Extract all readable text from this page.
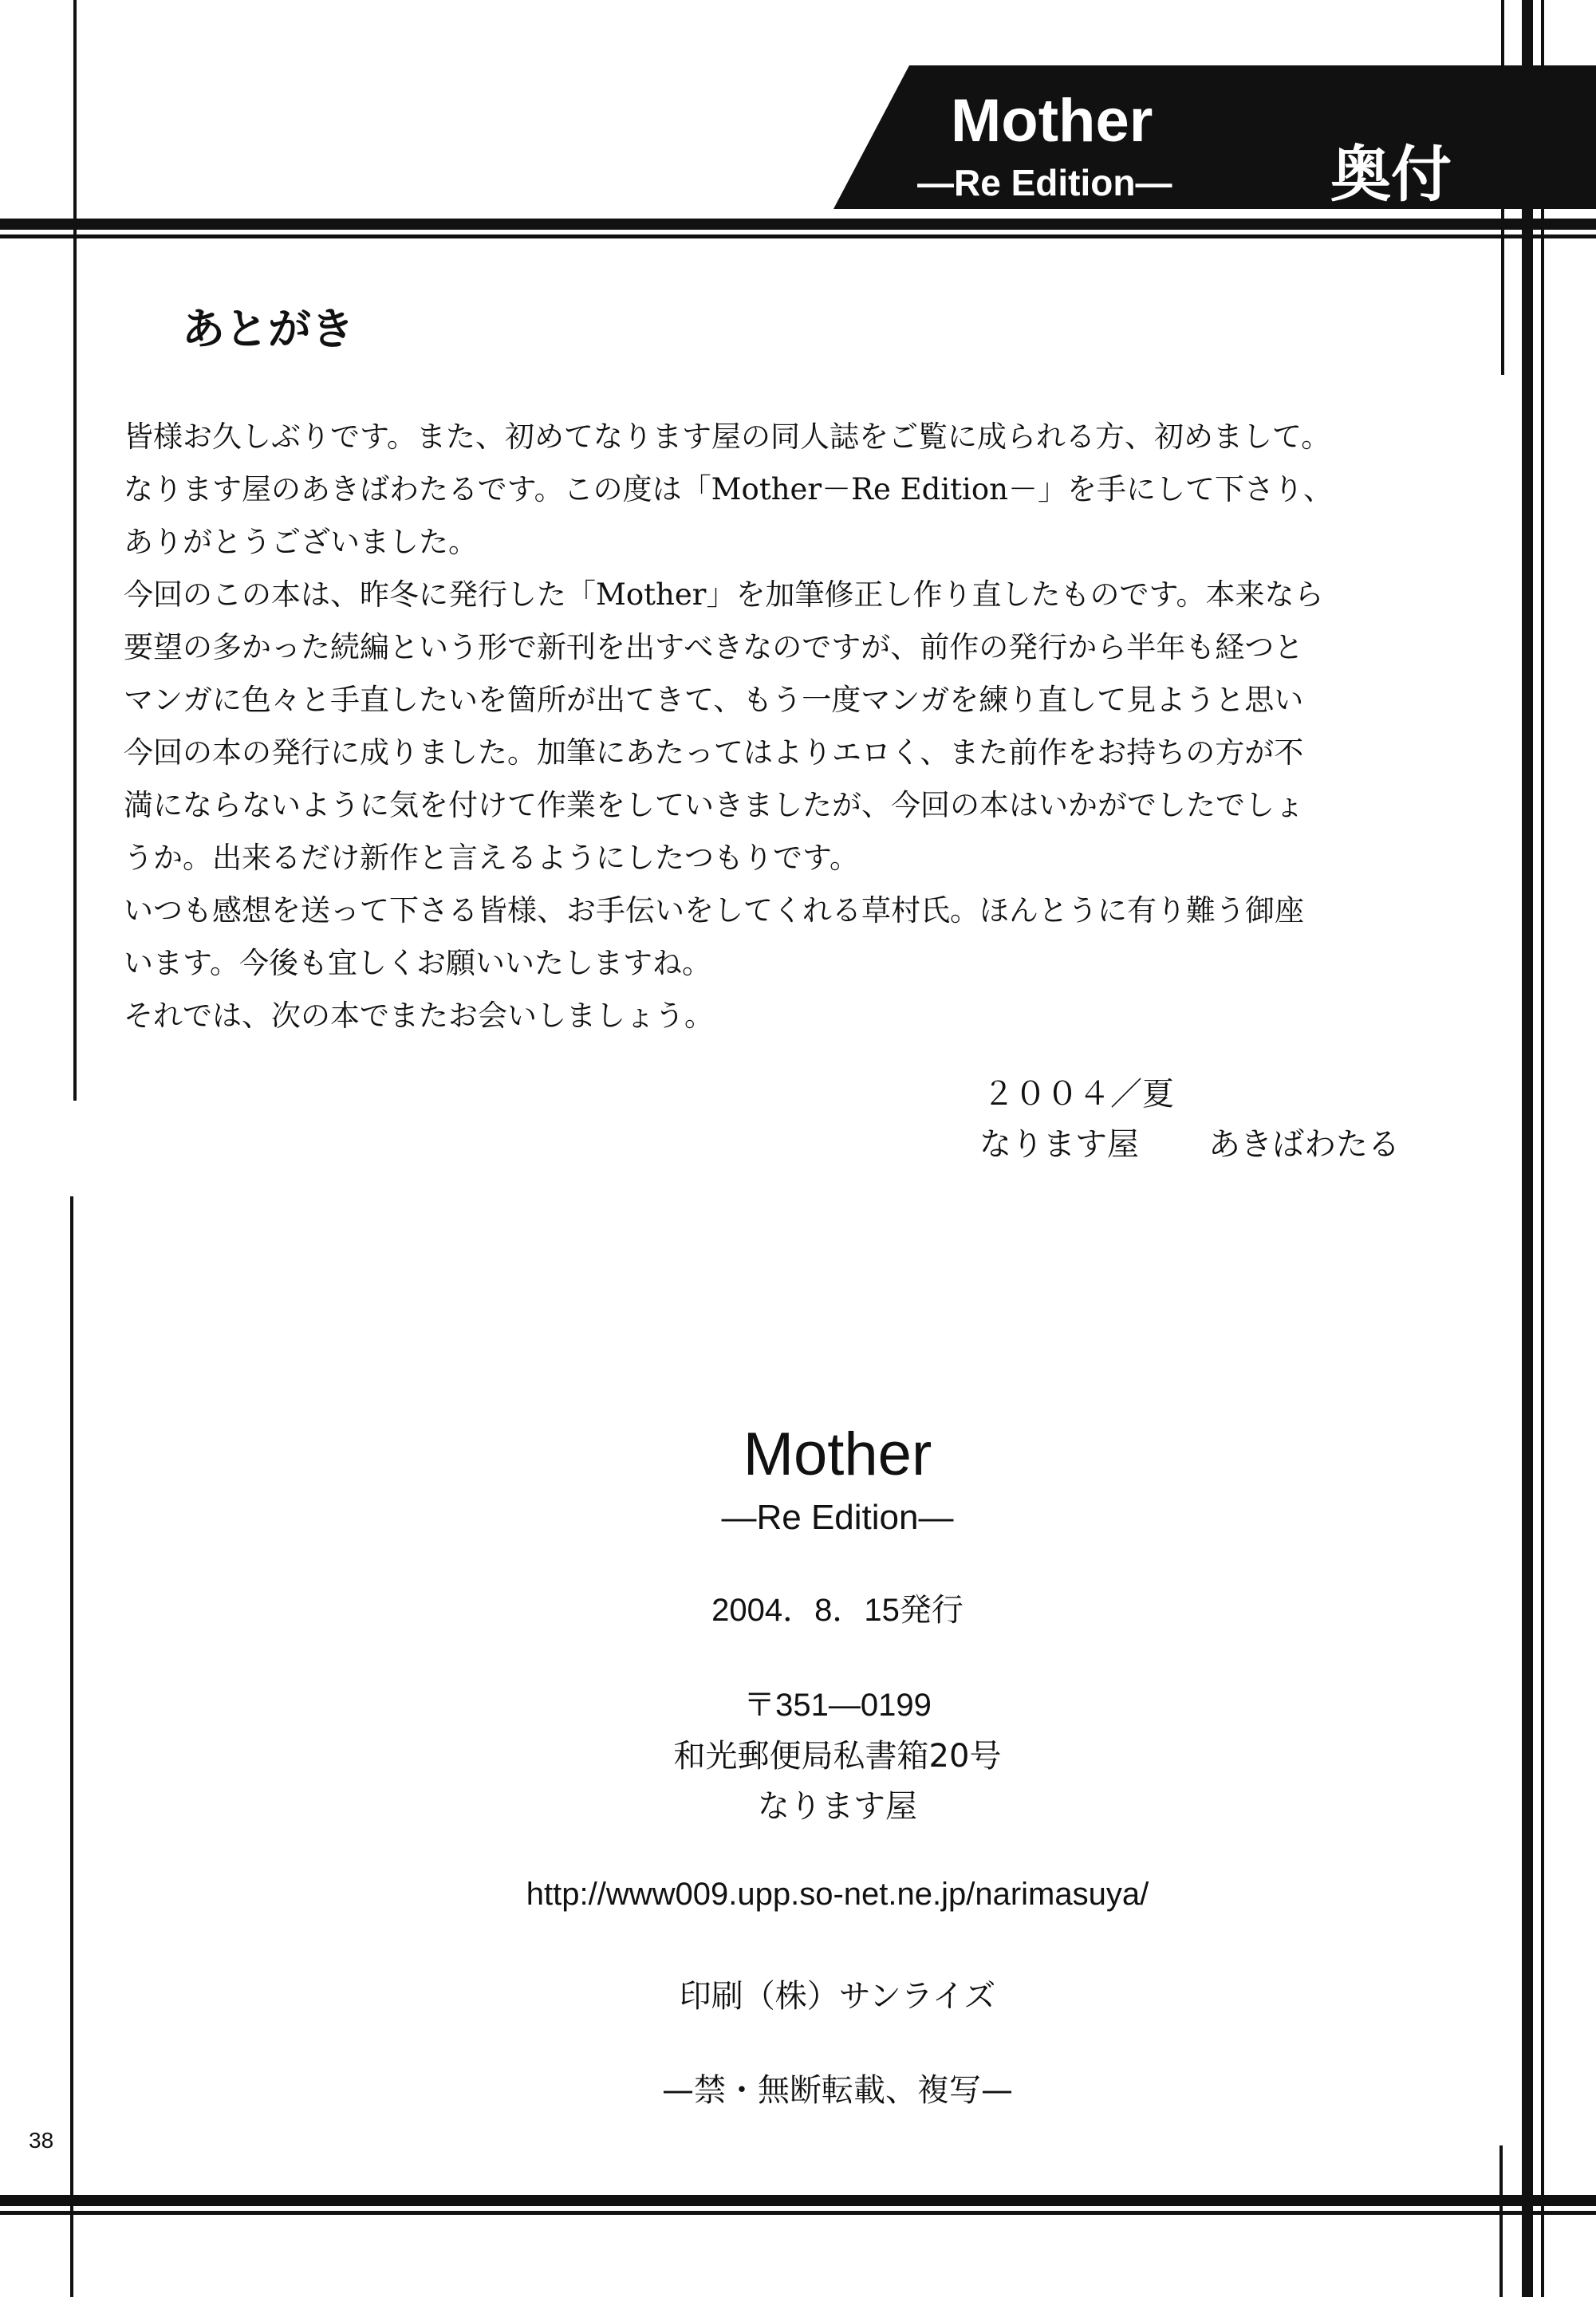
Mother
—Re Edition—	奥付
あとがき
皆様お久しぶりです。また、初めてなります屋の同人誌をご覧に成られる方、初めまして。
なります屋のあきばわたるです。この度は「Mother－Re Edition－」を手にして下さり、
ありがとうございました。
今回のこの本は、昨冬に発行した「Mother」を加筆修正し作り直したものです。本来なら
要望の多かった続編という形で新刊を出すべきなのですが、前作の発行から半年も経つと
マンガに色々と手直したいを箇所が出てきて、もう一度マンガを練り直して見ようと思い
今回の本の発行に成りました。加筆にあたってはよりエロく、また前作をお持ちの方が不
満にならないように気を付けて作業をしていきましたが、今回の本はいかがでしたでしょ
うか。出来るだけ新作と言えるようにしたつもりです。
いつも感想を送って下さる皆様、お手伝いをしてくれる草村氏。ほんとうに有り難う御座
います。今後も宜しくお願いいたしますね。
それでは、次の本でまたお会いしましょう。
２００４／夏
なります屋 あきばわたる
Mother
—Re Edition—
2004．8．15発行
〒351—0199
和光郵便局私書箱20号
なります屋
http://www009.upp.so-net.ne.jp/narimasuya/
印刷（株）サンライズ
—禁・無断転載、複写—
38
